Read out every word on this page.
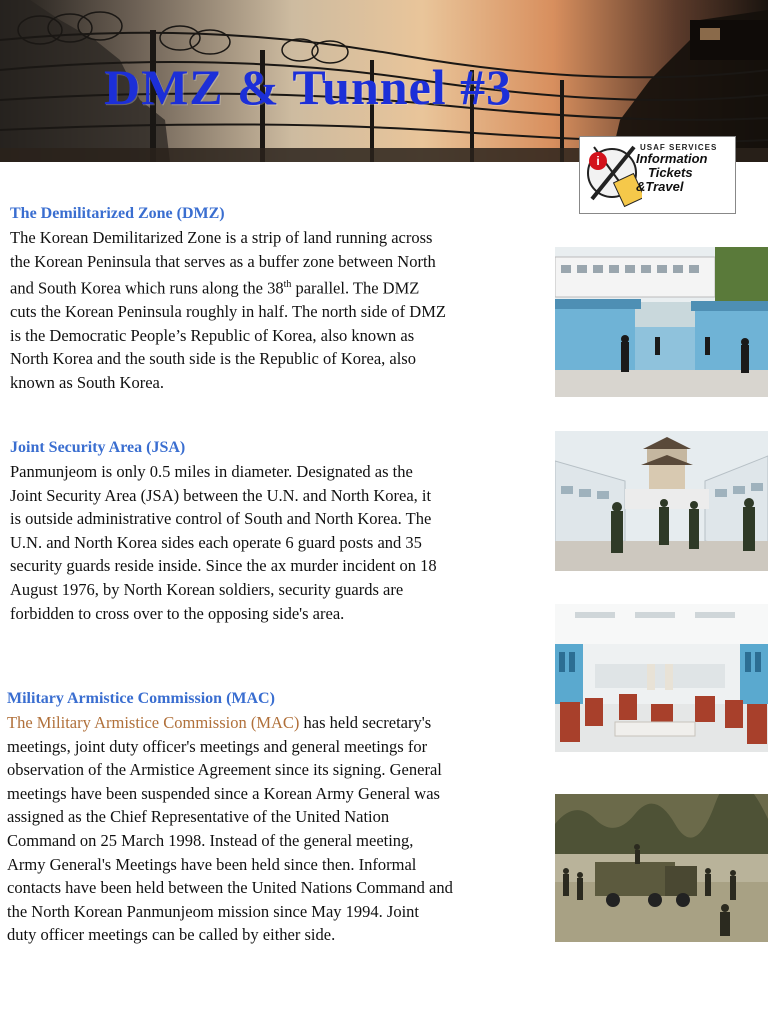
DMZ & Tunnel #3
i
USAF SERVICES
Information
Tickets
&Travel
The Demilitarized Zone (DMZ)
The Korean Demilitarized Zone is a strip of land running across
the Korean Peninsula that serves as a buffer zone between North
and South Korea which runs along the 38th parallel. The DMZ
cuts the Korean Peninsula roughly in half. The north side of DMZ
is the Democratic People’s Republic of Korea, also known as
North Korea and the south side is the Republic of Korea, also
known as South Korea.
Joint Security Area (JSA)
Panmunjeom is only 0.5 miles in diameter. Designated as the
Joint Security Area (JSA) between the U.N. and North Korea, it
is outside administrative control of South and North Korea. The
U.N. and North Korea sides each operate 6 guard posts and 35
security guards reside inside. Since the ax murder incident on 18
August 1976, by North Korean soldiers, security guards are
forbidden to cross over to the opposing side's area.
Military Armistice Commission (MAC)
The Military Armistice Commission (MAC) has held secretary's
meetings, joint duty officer's meetings and general meetings for
observation of the Armistice Agreement since its signing. General
meetings have been suspended since a Korean Army General was
assigned as the Chief Representative of the United Nation
Command on 25 March 1998. Instead of the general meeting,
Army General's Meetings have been held since then. Informal
contacts have been held between the United Nations Command and
the North Korean Panmunjeom mission since May 1994. Joint
duty officer meetings can be called by either side.
